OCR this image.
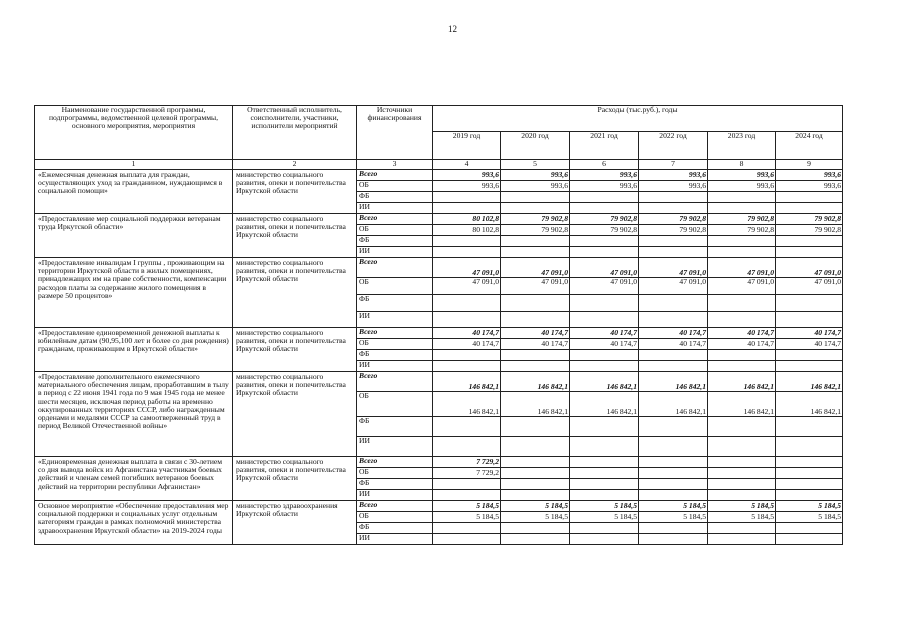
12
Наименование государственной программы, подпрограммы, ведомственной целевой программы, основного мероприятия, мероприятия	Ответственный исполнитель, соисполнители, участники, исполнители мероприятий	Источники финансирования	Расходы (тыс.руб.), годы					
			2019 год	2020 год	2021 год	2022 год	2023 год	2024 год
1	2	3	4	5	6	7	8	9
«Ежемесячная денежная выплата для граждан, осуществляющих уход за гражданином, нуждающимся в социальной помощи»	министерство социального развития, опеки и попечительства Иркутской области	Всего	993,6	993,6	993,6	993,6	993,6	993,6
		ОБ	993,6	993,6	993,6	993,6	993,6	993,6
		ФБ						
		ИИ						
«Предоставление мер социальной поддержки ветеранам труда Иркутской области»	министерство социального развития, опеки и попечительства Иркутской области	Всего	80 102,8	79 902,8	79 902,8	79 902,8	79 902,8	79 902,8
		ОБ	80 102,8	79 902,8	79 902,8	79 902,8	79 902,8	79 902,8
		ФБ						
		ИИ						
«Предоставление инвалидам I группы , проживающим на территории Иркутской области в жилых помещениях, принадлежащих им на праве собственности, компенсации расходов платы за содержание жилого помещения в размере 50 процентов»	министерство социального развития, опеки и попечительства Иркутской области	Всего	47 091,0	47 091,0	47 091,0	47 091,0	47 091,0	47 091,0
		ОБ	47 091,0	47 091,0	47 091,0	47 091,0	47 091,0	47 091,0
		ФБ						
		ИИ						
«Предоставление единовременной денежной выплаты к юбилейным датам (90,95,100 лет и более со дня рождения) гражданам, проживающим в Иркутской области»	министерство социального развития, опеки и попечительства Иркутской области	Всего	40 174,7	40 174,7	40 174,7	40 174,7	40 174,7	40 174,7
		ОБ	40 174,7	40 174,7	40 174,7	40 174,7	40 174,7	40 174,7
		ФБ						
		ИИ						
«Предоставление дополнительного ежемесячного материального обеспечения лицам, проработавшим в тылу в период с 22 июня 1941 года по 9 мая 1945 года не менее шести месяцев, исключая период работы на временно оккупированных территориях СССР, либо награжденным орденами и медалями СССР за самоотверженный труд в период Великой Отечественной войны»	министерство социального развития, опеки и попечительства Иркутской области	Всего	146 842,1	146 842,1	146 842,1	146 842,1	146 842,1	146 842,1
		ОБ	146 842,1	146 842,1	146 842,1	146 842,1	146 842,1	146 842,1
		ФБ						
		ИИ						
«Единовременная денежная выплата в связи с 30-летием со дня вывода войск из Афганистана участникам боевых действий и членам семей погибших ветеранов боевых действий на территории республики Афганистан»	министерство социального развития, опеки и попечительства Иркутской области	Всего	7 729,2					
		ОБ	7 729,2					
		ФБ						
		ИИ						
Основное мероприятие «Обеспечение предоставления мер социальной поддержки и социальных услуг отдельным категориям граждан в рамках полномочий министерства здравоохранения Иркутской области» на 2019-2024 годы	министерство здравоохранения Иркутской области	Всего	5 184,5	5 184,5	5 184,5	5 184,5	5 184,5	5 184,5
		ОБ	5 184,5	5 184,5	5 184,5	5 184,5	5 184,5	5 184,5
		ФБ						
		ИИ						
